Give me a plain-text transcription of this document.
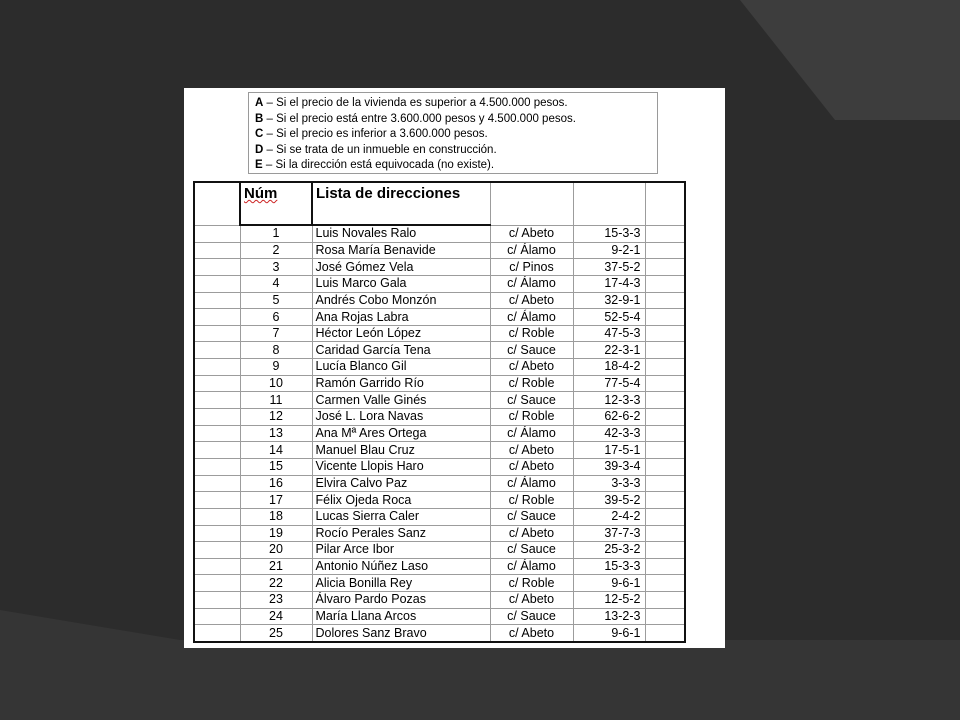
A – Si el precio de la vivienda es superior a 4.500.000 pesos.
B – Si el precio está entre 3.600.000 pesos y 4.500.000 pesos.
C – Si el precio es inferior a 3.600.000 pesos.
D – Si se trata de un inmueble en construcción.
E – Si la dirección está equivocada (no existe).
	Núm	Lista de direcciones			
	1	Luis Novales Ralo	c/ Abeto	15-3-3	
	2	Rosa María Benavide	c/ Álamo	9-2-1	
	3	José Gómez Vela	c/ Pinos	37-5-2	
	4	Luis Marco Gala	c/ Álamo	17-4-3	
	5	Andrés Cobo Monzón	c/ Abeto	32-9-1	
	6	Ana Rojas Labra	c/ Álamo	52-5-4	
	7	Héctor León López	c/ Roble	47-5-3	
	8	Caridad García Tena	c/ Sauce	22-3-1	
	9	Lucía Blanco Gil	c/ Abeto	18-4-2	
	10	Ramón Garrido Río	c/ Roble	77-5-4	
	11	Carmen Valle Ginés	c/ Sauce	12-3-3	
	12	José L. Lora Navas	c/ Roble	62-6-2	
	13	Ana Mª Ares Ortega	c/ Álamo	42-3-3	
	14	Manuel Blau Cruz	c/ Abeto	17-5-1	
	15	Vicente Llopis Haro	c/ Abeto	39-3-4	
	16	Elvira Calvo Paz	c/ Álamo	3-3-3	
	17	Félix Ojeda Roca	c/ Roble	39-5-2	
	18	Lucas Sierra Caler	c/ Sauce	2-4-2	
	19	Rocío Perales Sanz	c/ Abeto	37-7-3	
	20	Pilar Arce Ibor	c/ Sauce	25-3-2	
	21	Antonio Núñez Laso	c/ Álamo	15-3-3	
	22	Alicia Bonilla Rey	c/ Roble	9-6-1	
	23	Álvaro Pardo Pozas	c/ Abeto	12-5-2	
	24	María Llana Arcos	c/ Sauce	13-2-3	
	25	Dolores Sanz Bravo	c/ Abeto	9-6-1	
